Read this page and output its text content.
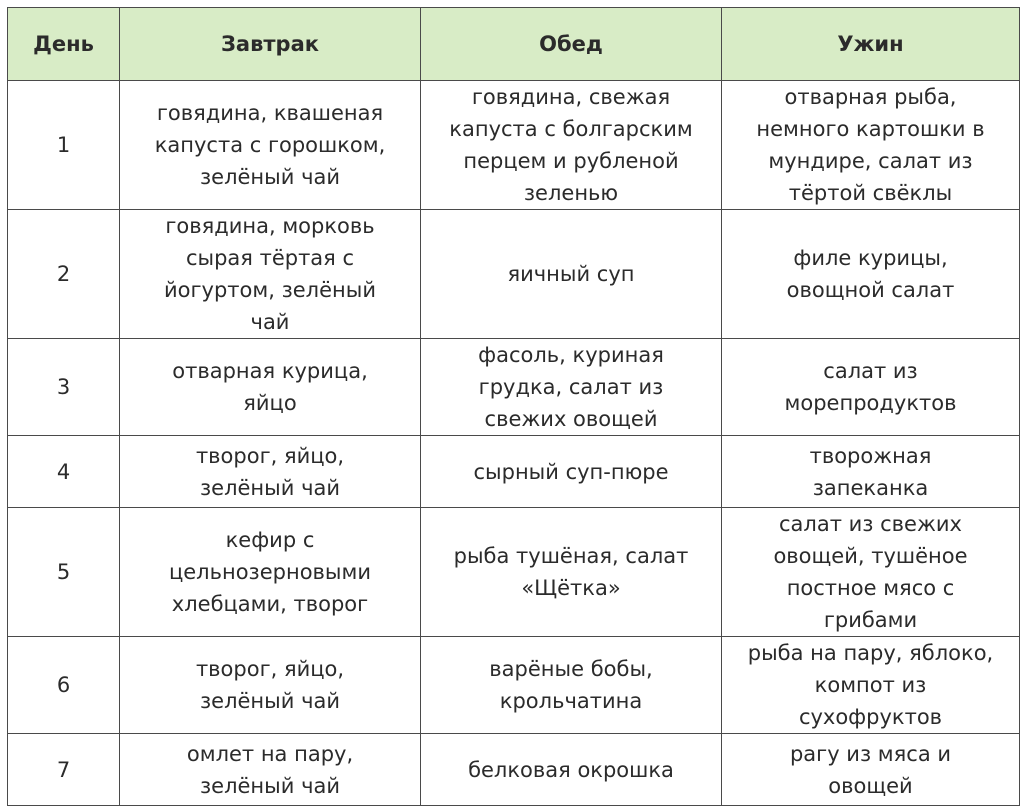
День	Завтрак	Обед	Ужин
1	говядина, квашеная капуста с горошком, зелёный чай	говядина, свежая капуста с болгарским перцем и рубленой зеленью	отварная рыба, немного картошки в мундире, салат из тёртой свёклы
2	говядина, морковь сырая тёртая с йогуртом, зелёный чай	яичный суп	филе курицы, овощной салат
3	отварная курица, яйцо	фасоль, куриная грудка, салат из свежих овощей	салат из морепродуктов
4	творог, яйцо, зелёный чай	сырный суп-пюре	творожная запеканка
5	кефир с цельнозерновыми хлебцами, творог	рыба тушёная, салат «Щётка»	салат из свежих овощей, тушёное постное мясо с грибами
6	творог, яйцо, зелёный чай	варёные бобы, крольчатина	рыба на пару, яблоко, компот из сухофруктов
7	омлет на пару, зелёный чай	белковая окрошка	рагу из мяса и овощей
